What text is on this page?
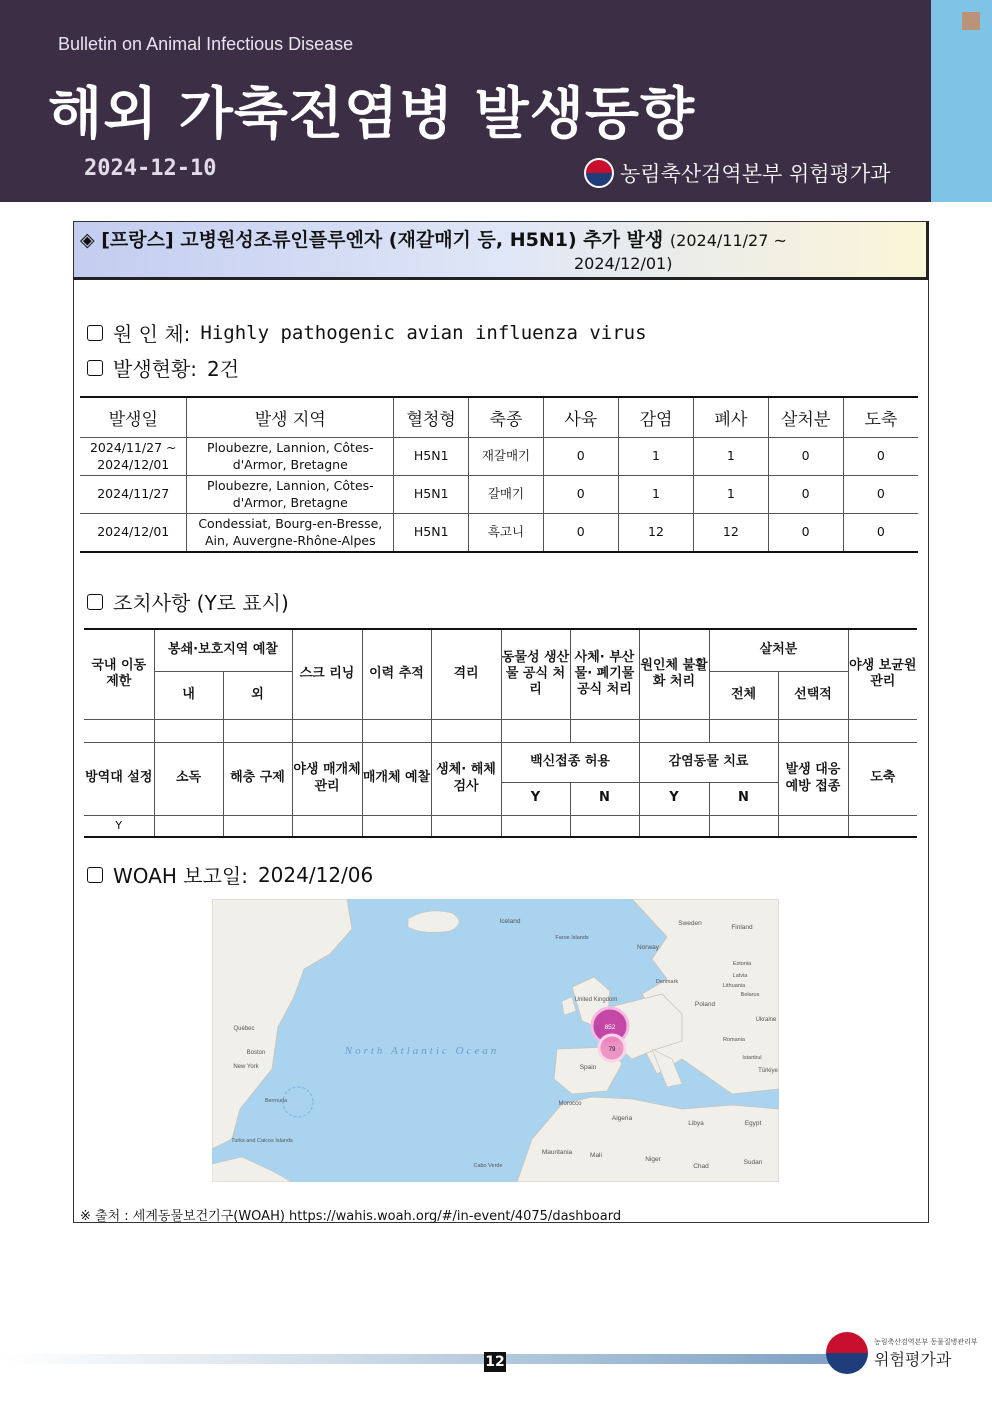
Bulletin on Animal Infectious Disease
해외 가축전염병 발생동향
2024-12-10	농림축산검역본부 위험평가과
◈ [프랑스] 고병원성조류인플루엔자 (재갈매기 등, H5N1) 추가 발생 (2024/11/27 ~
2024/12/01)
원 인 체: Highly pathogenic avian influenza virus
발생현황: 2건
발생일	발생 지역	혈청형	축종	사육	감염	폐사	살처분	도축
2024/11/27 ~ 2024/12/01	Ploubezre, Lannion, Côtes-d'Armor, Bretagne	H5N1	재갈매기	0	1	1	0	0
2024/11/27	Ploubezre, Lannion, Côtes-d'Armor, Bretagne	H5N1	갈매기	0	1	1	0	0
2024/12/01	Condessiat, Bourg-en-Bresse, Ain, Auvergne-Rhône-Alpes	H5N1	흑고니	0	12	12	0	0
조치사항 (Y로 표시)
국내 이동 제한	봉쇄·보호지역 예찰		스크 리닝	이력 추적	격리	동물성 생산물 공식 처리	사체· 부산물· 폐기물 공식 처리	원인체 불활화 처리	살처분		야생 보균원 관리
	내	외							전체	선택적	

방역대 설정	소독	해충 구제	야생 매개체 관리	매개체 예찰	생체· 해체 검사	백신접종 허용		감염동물 치료		발생 대응 예방 접종	도축
						Y	N	Y	N		
Y											
WOAH 보고일: 2024/12/06
Iceland
Faroe Islands
Norway
Sweden
Finland
Estonia
Latvia
Lithuania
Belarus
United Kingdom
Denmark
Poland
Ukraine
Romania
Istanbul
Türkiye
Spain
Morocco
Algeria
Libya	Egypt
Mauritania	Mali
Niger
Chad
Sudan
Québec
Boston
New York
Bermuda
Turks and Caicos Islands
Cabo Verde
North Atlantic Ocean
852
79
※ 출처 : 세계동물보건기구(WOAH) https://wahis.woah.org/#/in-event/4075/dashboard
12
농림축산검역본부 동물질병관리부
위험평가과
